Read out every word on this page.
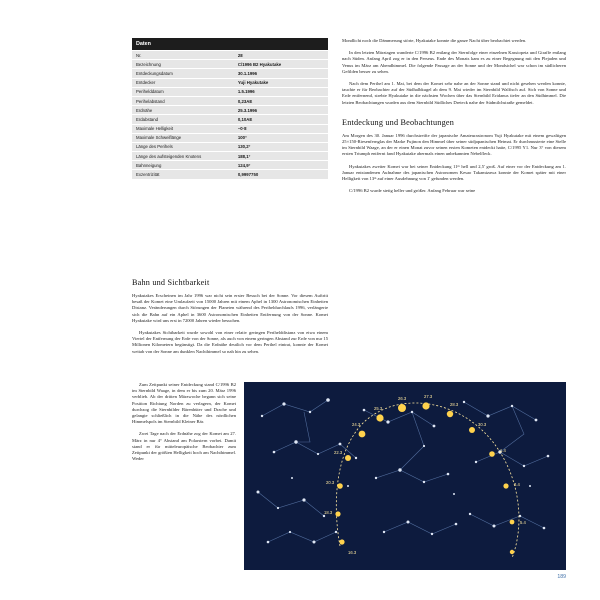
Daten	
Nr.	28
Bezeichnung	C/1996 B2 Hyakutake
Entdeckungsdatum	30.1.1996
Entdecker	Yuji Hyakutake
Perihelddatum	1.5.1996
Perihelabstand	0,23AE
Erdnähe	25.3.1996
Erdabstand	0,10AE
Maximale Helligkeit	–0·8
Maximale Schweiflänge	100°
Länge des Perihels	130,2°
Länge des aufsteigenden Knotens	188,1°
Bahnneigung	124,9°
Exzentrizität	0,9997750

Mondlicht noch die Dämmerung störte, Hyakutake konnte die ganze Nacht über beobachtet werden.

In den letzten Märztagen wanderte C/1996 B2 entlang der Sternfolge einer einzelnen Kassiopeia und Giraffe entlang nach Süden. Anfang April zog er in den Perseus. Ende des Monats kam es zu einer Begegnung mit den Plejaden und Venus im März am Abendhimmel. Die folgende Passage an der Sonne und der Mondsichel war schon im südlicheren Gefilden besser zu sehen.

Nach dem Perihel am 1. Mai, bei dem der Komet sehr nahe an der Sonne stand und nicht gesehen werden konnte, tauchte er für Beobachter auf der Südhalbkugel ab dem 9. Mai wieder im Sternbild Walfisch auf. Sich von Sonne und Erde entfernend, strebte Hyakutake in die nächsten Wochen über das Sternbild Eridanus tiefer an den Südhimmel. Die letzten Beobachtungen wurden aus dem Sternbild Südliches Dreieck nahe der Südmilchstraße gemeldet.

Entdeckung und Beobachtungen

Am Morgen des 30. Januar 1996 durchstreifte der japanische Amateurastronom Yuji Hyakutake mit einem gewaltigen 25×150-Riesenfernglas der Marke Fujinon den Himmel über seiner südjapanischen Heimat. Er durchmusterte eine Stelle im Sternbild Waage, an der er einen Monat zuvor seinen ersten Kometen entdeckt hatte, C/1995 Y1. Nur 3° von diesem ersten Triumph entfernt fand Hyakutake abermals einen unbekannten Nebelfleck.

Hyakutakes zweiter Komet war bei seiner Entdeckung 11ᵐ hell und 2,5' groß. Auf einer vor der Entdeckung am 1. Januar entstandenen Aufnahme des japanischen Astronomen Kesao Takamizawa konnte der Komet später mit einer Helligkeit von 13ᵐ auf einer Ausdehnung von 1' gefunden werden.

C/1996 B2 wurde stetig heller und größer. Anfang Februar war seine

Bahn und Sichtbarkeit

Hyakutakes Erscheinen im Jahr 1996 war nicht sein erster Besuch bei der Sonne. Vor diesem Auftritt besaß der Komet eine Umlaufzeit von 15000 Jahren mit einem Aphel in 1300 Astronomischen Einheiten Distanz. Veränderungen durch Störungen der Planeten während des Periheldurchlaufs 1996, verlängerte sich die Bahn auf ein Aphel in 3600 Astronomischen Einheiten Entfernung von der Sonne. Komet Hyakutake wird uns erst in 72000 Jahren wieder besuchen.

Hyakutakes Sichtbarkeit wurde sowohl von einer relativ geringen Perihelddistanz von etwa einem Viertel der Entfernung der Erde von der Sonne, als auch von einem geringen Abstand zur Erde von nur 15 Millionen Kilometern begünstigt. Da die Erdnähe deutlich vor dem Perihel eintrat, konnte der Komet weitab von der Sonne am dunklen Nachthimmel so nah hin zu sehen.

Zum Zeitpunkt seiner Entdeckung stand C/1996 B2 im Sternbild Waage, in dem er bis zum 20. März 1996 verblieb. Ab der dritten Märzwoche begann sich seine Position Richtung Norden zu verlagern, der Komet durchzog die Sternbilder Bärenhüter und Drache und gelangte schließlich in die Nähe des nördlichen Himmelspols im Sternbild Kleiner Bär.

Zwei Tage nach der Erdnähe zog der Komet am 27. März in nur 4° Abstand am Polarstern vorbei. Damit stand er für mitteleuropäische Beobachter zum Zeitpunkt der größten Helligkeit hoch am Nachthimmel. Weder

16.3
18.3
20.3
22.3
24.3
25.3
26.3	27.3
28.3
30.3
1.4
3.4
5.4
189
